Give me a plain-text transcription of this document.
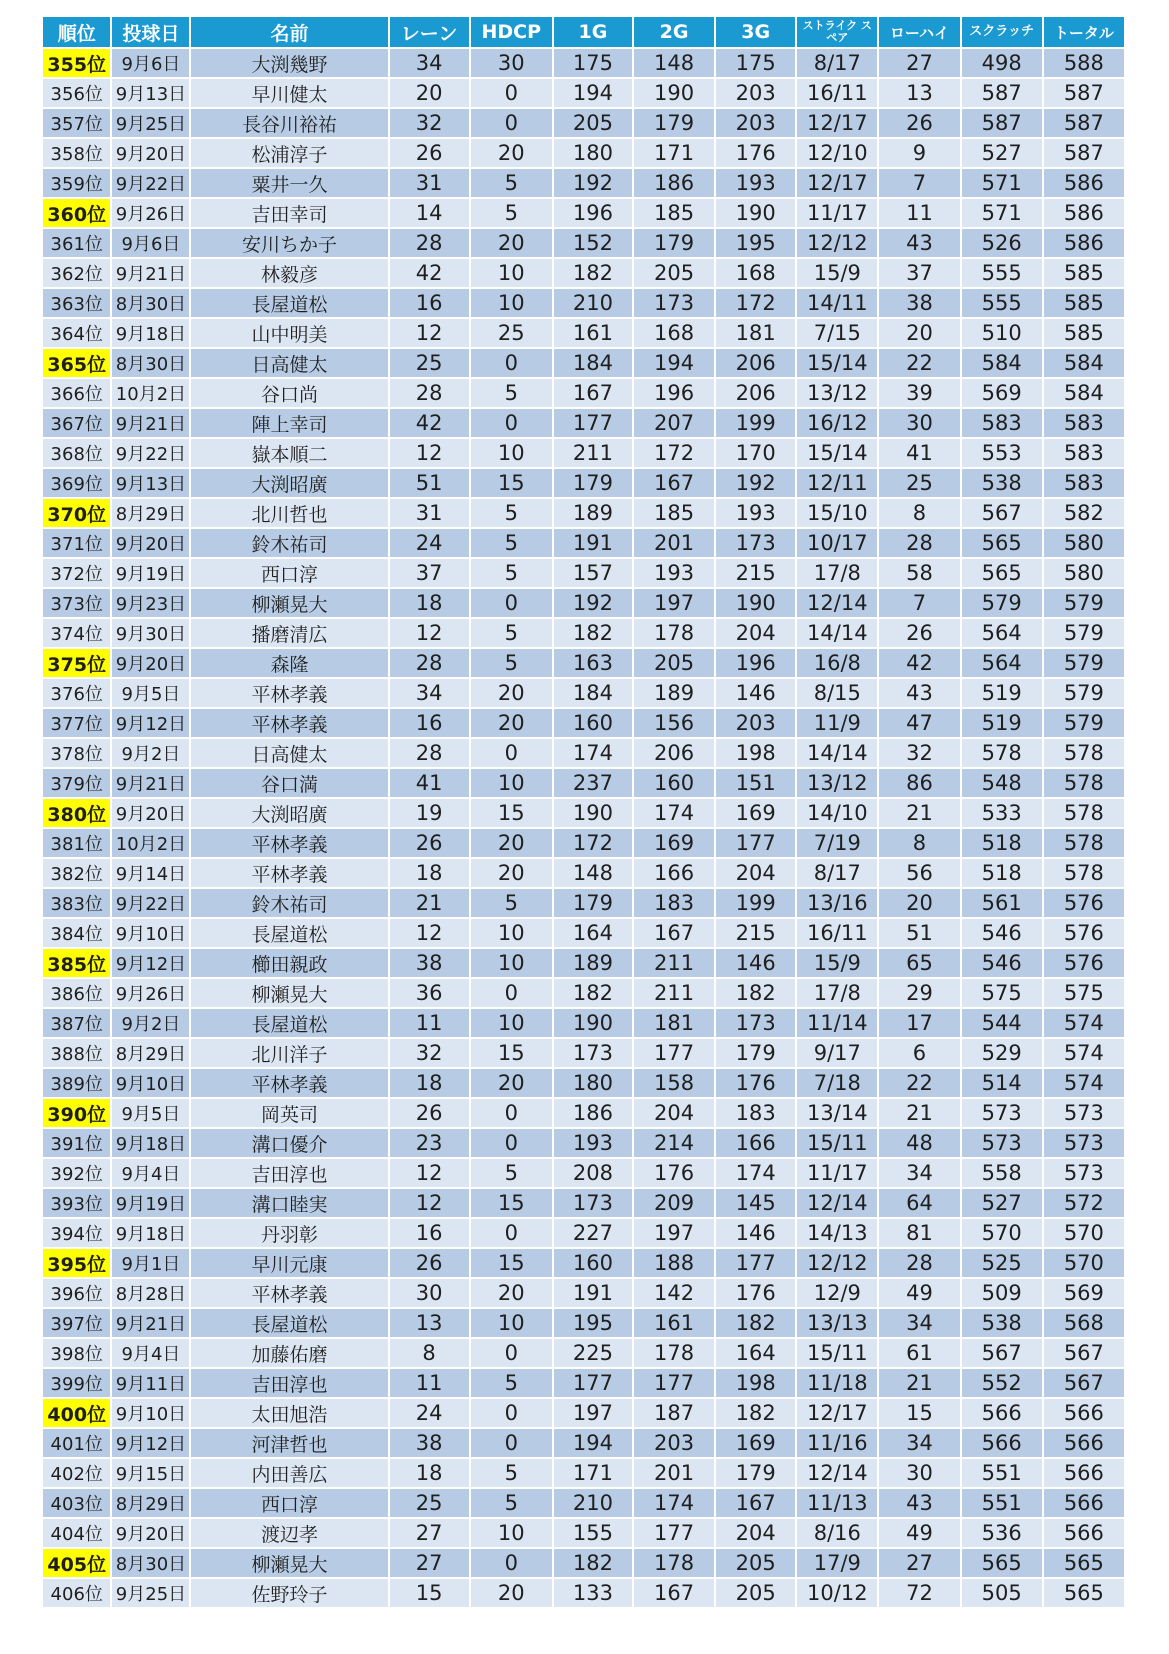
順位	投球日	名前	レーン	HDCP	1G	2G	3G	ストライク スペア	ローハイ	スクラッチ	トータル
355位	9月6日	大渕幾野	34	30	175	148	175	8/17	27	498	588
356位	9月13日	早川健太	20	0	194	190	203	16/11	13	587	587
357位	9月25日	長谷川裕祐	32	0	205	179	203	12/17	26	587	587
358位	9月20日	松浦淳子	26	20	180	171	176	12/10	9	527	587
359位	9月22日	粟井一久	31	5	192	186	193	12/17	7	571	586
360位	9月26日	吉田幸司	14	5	196	185	190	11/17	11	571	586
361位	9月6日	安川ちか子	28	20	152	179	195	12/12	43	526	586
362位	9月21日	林毅彦	42	10	182	205	168	15/9	37	555	585
363位	8月30日	長屋道松	16	10	210	173	172	14/11	38	555	585
364位	9月18日	山中明美	12	25	161	168	181	7/15	20	510	585
365位	8月30日	日高健太	25	0	184	194	206	15/14	22	584	584
366位	10月2日	谷口尚	28	5	167	196	206	13/12	39	569	584
367位	9月21日	陣上幸司	42	0	177	207	199	16/12	30	583	583
368位	9月22日	嶽本順二	12	10	211	172	170	15/14	41	553	583
369位	9月13日	大渕昭廣	51	15	179	167	192	12/11	25	538	583
370位	8月29日	北川哲也	31	5	189	185	193	15/10	8	567	582
371位	9月20日	鈴木祐司	24	5	191	201	173	10/17	28	565	580
372位	9月19日	西口淳	37	5	157	193	215	17/8	58	565	580
373位	9月23日	柳瀬晃大	18	0	192	197	190	12/14	7	579	579
374位	9月30日	播磨清広	12	5	182	178	204	14/14	26	564	579
375位	9月20日	森隆	28	5	163	205	196	16/8	42	564	579
376位	9月5日	平林孝義	34	20	184	189	146	8/15	43	519	579
377位	9月12日	平林孝義	16	20	160	156	203	11/9	47	519	579
378位	9月2日	日高健太	28	0	174	206	198	14/14	32	578	578
379位	9月21日	谷口満	41	10	237	160	151	13/12	86	548	578
380位	9月20日	大渕昭廣	19	15	190	174	169	14/10	21	533	578
381位	10月2日	平林孝義	26	20	172	169	177	7/19	8	518	578
382位	9月14日	平林孝義	18	20	148	166	204	8/17	56	518	578
383位	9月22日	鈴木祐司	21	5	179	183	199	13/16	20	561	576
384位	9月10日	長屋道松	12	10	164	167	215	16/11	51	546	576
385位	9月12日	櫛田親政	38	10	189	211	146	15/9	65	546	576
386位	9月26日	柳瀬晃大	36	0	182	211	182	17/8	29	575	575
387位	9月2日	長屋道松	11	10	190	181	173	11/14	17	544	574
388位	8月29日	北川洋子	32	15	173	177	179	9/17	6	529	574
389位	9月10日	平林孝義	18	20	180	158	176	7/18	22	514	574
390位	9月5日	岡英司	26	0	186	204	183	13/14	21	573	573
391位	9月18日	溝口優介	23	0	193	214	166	15/11	48	573	573
392位	9月4日	吉田淳也	12	5	208	176	174	11/17	34	558	573
393位	9月19日	溝口睦実	12	15	173	209	145	12/14	64	527	572
394位	9月18日	丹羽彰	16	0	227	197	146	14/13	81	570	570
395位	9月1日	早川元康	26	15	160	188	177	12/12	28	525	570
396位	8月28日	平林孝義	30	20	191	142	176	12/9	49	509	569
397位	9月21日	長屋道松	13	10	195	161	182	13/13	34	538	568
398位	9月4日	加藤佑磨	8	0	225	178	164	15/11	61	567	567
399位	9月11日	吉田淳也	11	5	177	177	198	11/18	21	552	567
400位	9月10日	太田旭浩	24	0	197	187	182	12/17	15	566	566
401位	9月12日	河津哲也	38	0	194	203	169	11/16	34	566	566
402位	9月15日	内田善広	18	5	171	201	179	12/14	30	551	566
403位	8月29日	西口淳	25	5	210	174	167	11/13	43	551	566
404位	9月20日	渡辺孝	27	10	155	177	204	8/16	49	536	566
405位	8月30日	柳瀬晃大	27	0	182	178	205	17/9	27	565	565
406位	9月25日	佐野玲子	15	20	133	167	205	10/12	72	505	565
